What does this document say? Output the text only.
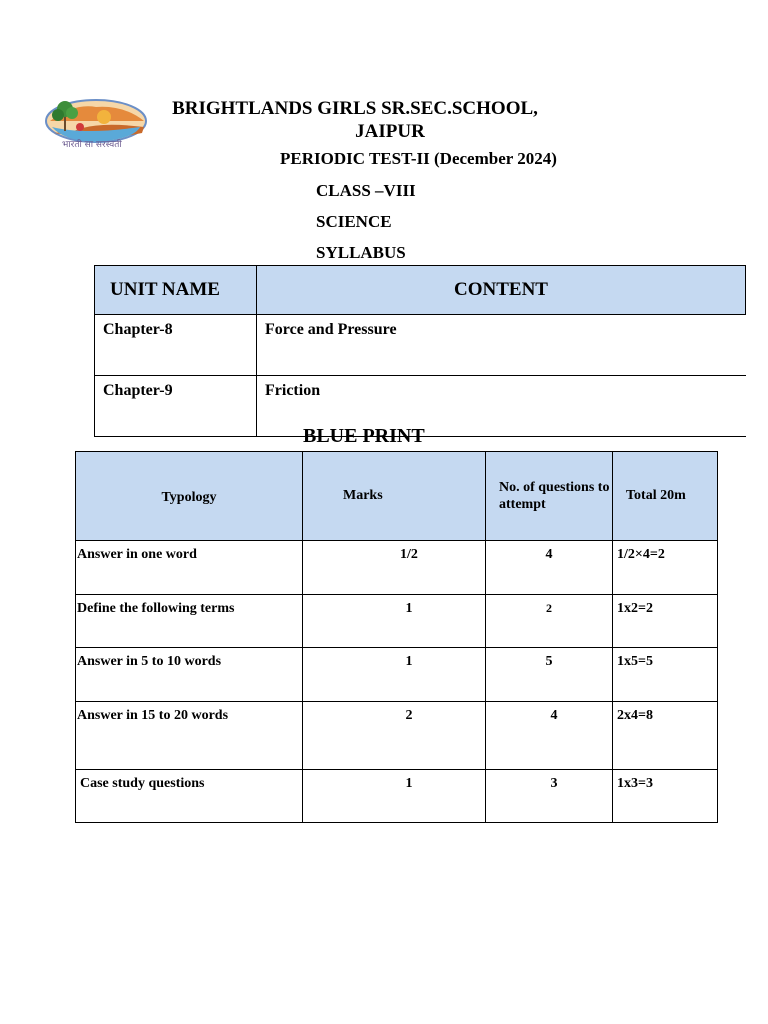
भारती सा सरस्वती
BRIGHTLANDS GIRLS SR.SEC.SCHOOL,
JAIPUR
PERIODIC TEST-II (December 2024)
CLASS –VIII
SCIENCE
SYLLABUS
UNIT NAME	CONTENT
Chapter-8	Force and Pressure
Chapter-9	Friction
BLUE PRINT
Typology	Marks	No. of questions to attempt	Total 20m
Answer in one word	1/2	4	1/2×4=2
Define the following terms	1	2	1x2=2
Answer in 5 to 10 words	1	5	1x5=5
Answer in 15 to 20 words	2	4	2x4=8
Case study questions	1	3	1x3=3
